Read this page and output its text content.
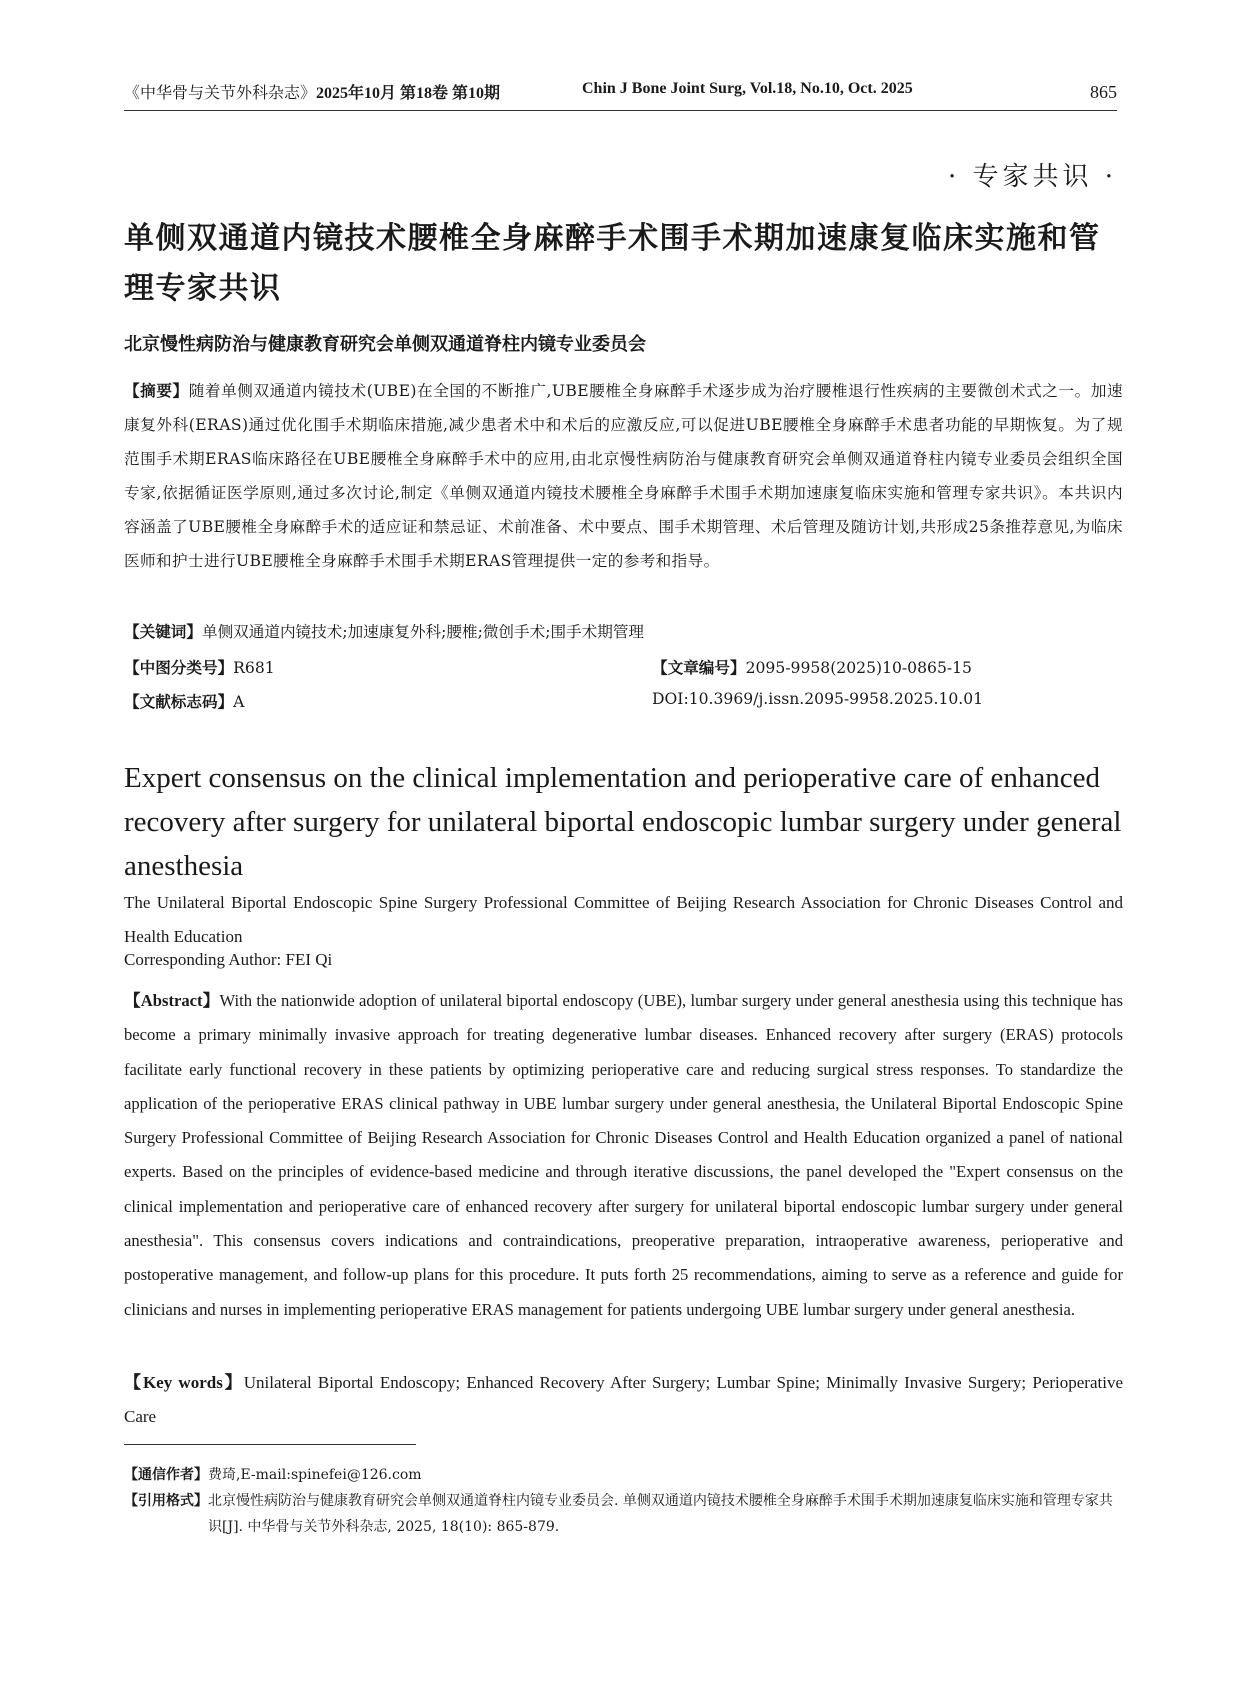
《中华骨与关节外科杂志》2025年10月 第18卷 第10期	Chin J Bone Joint Surg, Vol.18, No.10, Oct. 2025	865
· 专家共识 ·
单侧双通道内镜技术腰椎全身麻醉手术围手术期加速康复临床实施和管理专家共识
北京慢性病防治与健康教育研究会单侧双通道脊柱内镜专业委员会

【摘要】随着单侧双通道内镜技术(UBE)在全国的不断推广,UBE腰椎全身麻醉手术逐步成为治疗腰椎退行性疾病的主要微创术式之一。加速康复外科(ERAS)通过优化围手术期临床措施,减少患者术中和术后的应激反应,可以促进UBE腰椎全身麻醉手术患者功能的早期恢复。为了规范围手术期ERAS临床路径在UBE腰椎全身麻醉手术中的应用,由北京慢性病防治与健康教育研究会单侧双通道脊柱内镜专业委员会组织全国专家,依据循证医学原则,通过多次讨论,制定《单侧双通道内镜技术腰椎全身麻醉手术围手术期加速康复临床实施和管理专家共识》。本共识内容涵盖了UBE腰椎全身麻醉手术的适应证和禁忌证、术前准备、术中要点、围手术期管理、术后管理及随访计划,共形成25条推荐意见,为临床医师和护士进行UBE腰椎全身麻醉手术围手术期ERAS管理提供一定的参考和指导。

【关键词】单侧双通道内镜技术;加速康复外科;腰椎;微创手术;围手术期管理
【中图分类号】R681	【文章编号】2095-9958(2025)10-0865-15
【文献标志码】A	DOI:10.3969/j.issn.2095-9958.2025.10.01
Expert consensus on the clinical implementation and perioperative care of enhanced recovery after surgery for unilateral biportal endoscopic lumbar surgery under general anesthesia

The Unilateral Biportal Endoscopic Spine Surgery Professional Committee of Beijing Research Association for Chronic Diseases Control and Health Education

Corresponding Author: FEI Qi

【Abstract】With the nationwide adoption of unilateral biportal endoscopy (UBE), lumbar surgery under general anesthesia using this technique has become a primary minimally invasive approach for treating degenerative lumbar diseases. Enhanced recovery after surgery (ERAS) protocols facilitate early functional recovery in these patients by optimizing perioperative care and reducing surgical stress responses. To standardize the application of the perioperative ERAS clinical pathway in UBE lumbar surgery under general anesthesia, the Unilateral Biportal Endoscopic Spine Surgery Professional Committee of Beijing Research Association for Chronic Diseases Control and Health Education organized a panel of national experts. Based on the principles of evidence-based medicine and through iterative discussions, the panel developed the "Expert consensus on the clinical implementation and perioperative care of enhanced recovery after surgery for unilateral biportal endoscopic lumbar surgery under general anesthesia". This consensus covers indications and contraindications, preoperative preparation, intraoperative awareness, perioperative and postoperative management, and follow-up plans for this procedure. It puts forth 25 recommendations, aiming to serve as a reference and guide for clinicians and nurses in implementing perioperative ERAS management for patients undergoing UBE lumbar surgery under general anesthesia.

【Key words】Unilateral Biportal Endoscopy; Enhanced Recovery After Surgery; Lumbar Spine; Minimally Invasive Surgery; Perioperative Care

【通信作者】费琦,E-mail:spinefei@126.com
【引用格式】 北京慢性病防治与健康教育研究会单侧双通道脊柱内镜专业委员会. 单侧双通道内镜技术腰椎全身麻醉手术围手术期加速康复临床实施和管理专家共识[J]. 中华骨与关节外科杂志, 2025, 18(10): 865-879.
